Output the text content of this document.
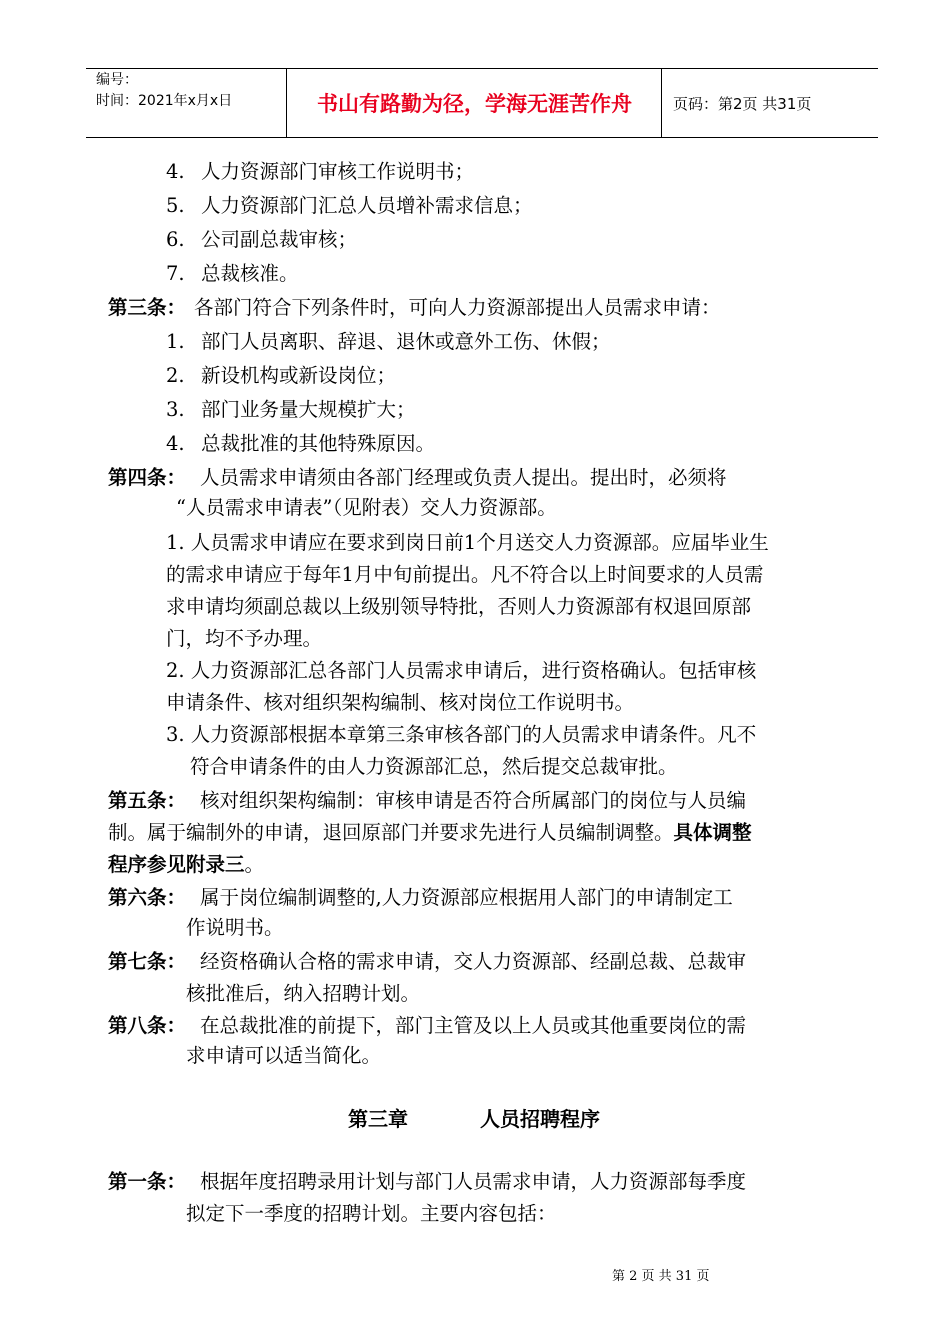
编号：
时间：2021年x月x日	书山有路勤为径，学海无涯苦作舟	页码：第2页 共31页
4. 人力资源部门审核工作说明书；
5. 人力资源部门汇总人员增补需求信息；
6. 公司副总裁审核；
7. 总裁核准。
第三条： 各部门符合下列条件时，可向人力资源部提出人员需求申请：
1. 部门人员离职、辞退、退休或意外工伤、休假；
2. 新设机构或新设岗位；
3. 部门业务量大规模扩大；
4. 总裁批准的其他特殊原因。
第四条： 人员需求申请须由各部门经理或负责人提出。提出时，必须将
“人员需求申请表”（见附表）交人力资源部。
1. 人员需求申请应在要求到岗日前1个月送交人力资源部。应届毕业生
的需求申请应于每年1月中旬前提出。凡不符合以上时间要求的人员需
求申请均须副总裁以上级别领导特批，否则人力资源部有权退回原部
门，均不予办理。
2. 人力资源部汇总各部门人员需求申请后，进行资格确认。包括审核
申请条件、核对组织架构编制、核对岗位工作说明书。
3. 人力资源部根据本章第三条审核各部门的人员需求申请条件。凡不
符合申请条件的由人力资源部汇总，然后提交总裁审批。
第五条： 核对组织架构编制：审核申请是否符合所属部门的岗位与人员编
制。属于编制外的申请，退回原部门并要求先进行人员编制调整。具体调整
程序参见附录三。
第六条： 属于岗位编制调整的,人力资源部应根据用人部门的申请制定工
作说明书。
第七条： 经资格确认合格的需求申请，交人力资源部、经副总裁、总裁审
核批准后，纳入招聘计划。
第八条： 在总裁批准的前提下，部门主管及以上人员或其他重要岗位的需
求申请可以适当简化。
第三章	人员招聘程序
第一条： 根据年度招聘录用计划与部门人员需求申请，人力资源部每季度
拟定下一季度的招聘计划。主要内容包括：
第 2 页 共 31 页
